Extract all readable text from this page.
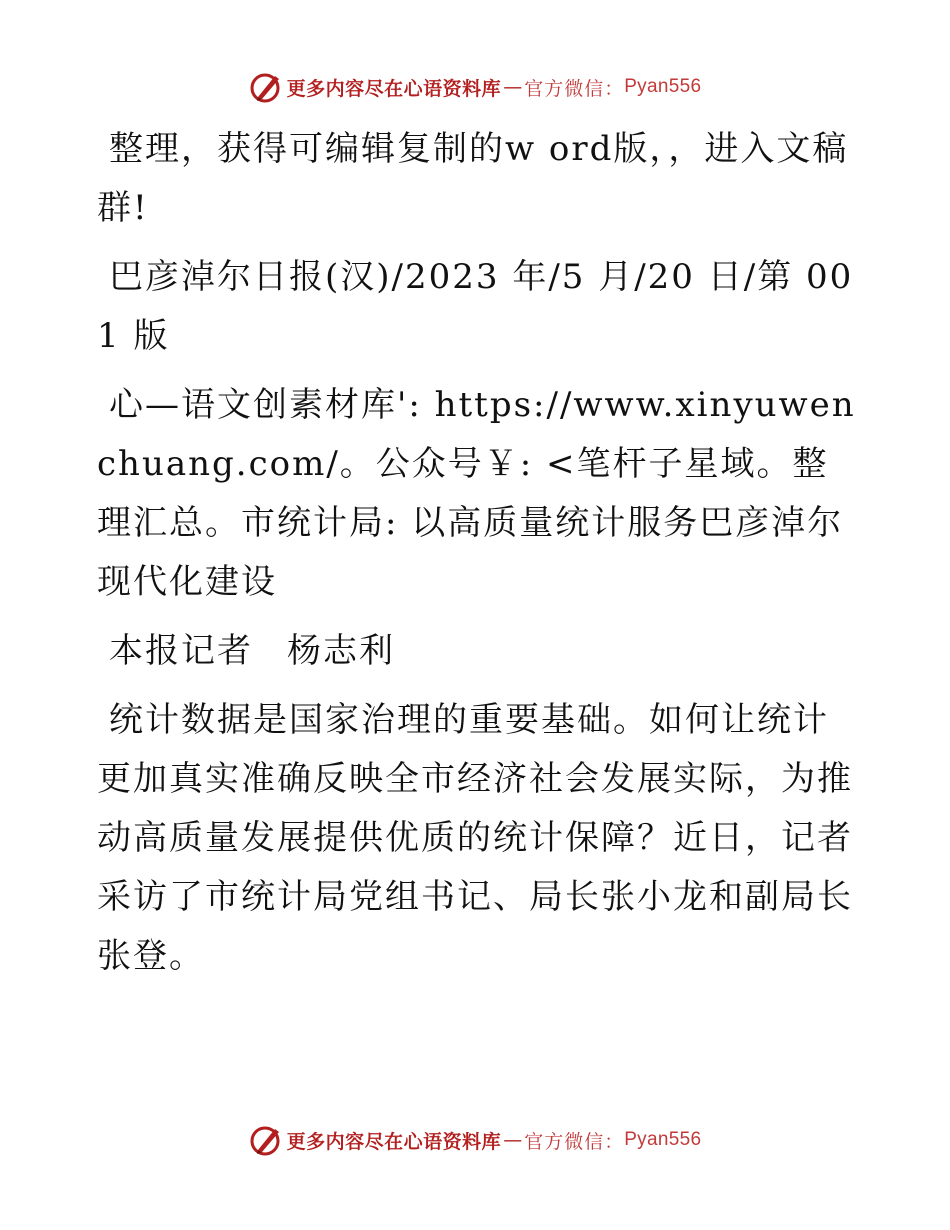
更多内容尽在心语资料库 — 官方微信： Pyan556

整理，获得可编辑复制的w ord版，，进入文稿群!

巴彦淖尔日报(汉)/2023 年/5 月/20 日/第 001 版

心—语文创素材库': https://www.xinyuwenchuang.com/。公众号￥: <笔杆子星域。整理汇总。市统计局: 以高质量统计服务巴彦淖尔现代化建设

本报记者 杨志利

统计数据是国家治理的重要基础。如何让统计更加真实准确反映全市经济社会发展实际，为推动高质量发展提供优质的统计保障？近日，记者采访了市统计局党组书记、局长张小龙和副局长张登。

更多内容尽在心语资料库 — 官方微信： Pyan556
